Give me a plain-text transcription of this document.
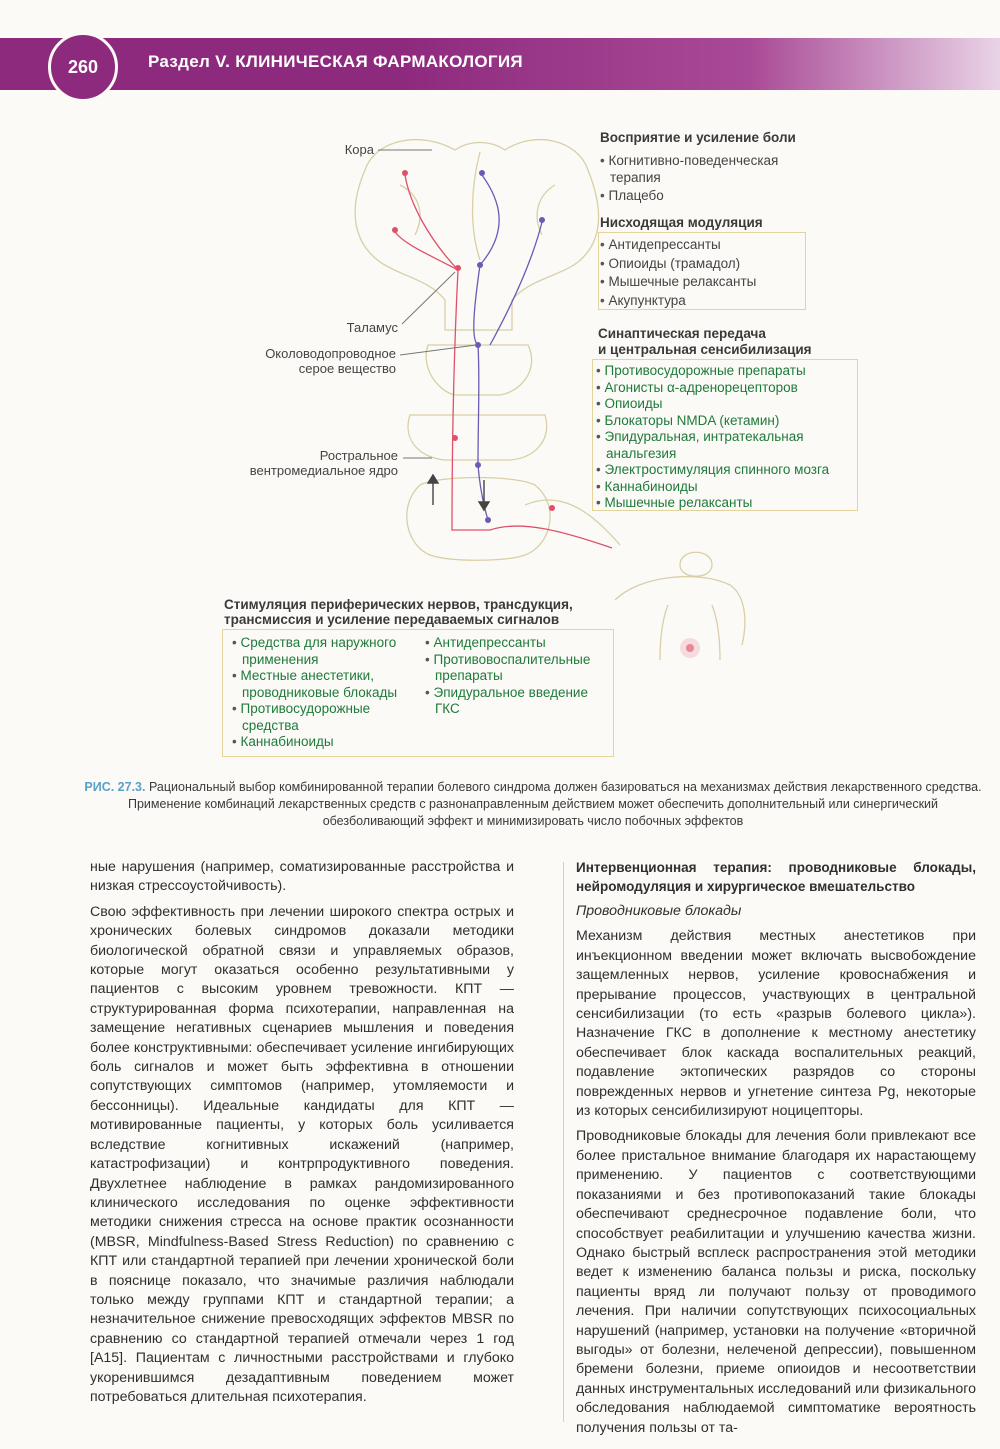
260	Раздел V. КЛИНИЧЕСКАЯ ФАРМАКОЛОГИЯ
Кора
Таламус
Околоводопроводное
серое вещество
Ростральное
вентромедиальное ядро
Восприятие и усиление боли
• Когнитивно-поведенческая терапия
• Плацебо
Нисходящая модуляция
• Антидепрессанты
• Опиоиды (трамадол)
• Мышечные релаксанты
• Акупунктура
Синаптическая передача
и центральная сенсибилизация
• Противосудорожные препараты
• Агонисты α-адренорецепторов
• Опиоиды
• Блокаторы NMDA (кетамин)
• Эпидуральная, интратекальная анальгезия
• Электростимуляция спинного мозга
• Каннабиноиды
• Мышечные релаксанты
Стимуляция периферических нервов, трансдукция,
трансмиссия и усиление передаваемых сигналов
• Средства для наружного применения
• Местные анестетики, проводниковые блокады
• Противосудорожные средства
• Каннабиноиды
• Антидепрессанты
• Противовоспалительные препараты
• Эпидуральное введение ГКС
РИС. 27.3. Рациональный выбор комбинированной терапии болевого синдрома должен базироваться на механизмах действия лекарственного средства. Применение комбинаций лекарственных средств с разнонаправленным действием может обеспечить дополнительный или синергический обезболивающий эффект и минимизировать число побочных эффектов

ные нарушения (например, соматизированные расстройства и низкая стрессоустойчивость).

Свою эффективность при лечении широкого спектра острых и хронических болевых синдромов доказали методики биологической обратной связи и управляемых образов, которые могут оказаться особенно результативными у пациентов с высоким уровнем тревожности. КПТ — структурированная форма психотерапии, направленная на замещение негативных сценариев мышления и поведения более конструктивными: обеспечивает усиление ингибирующих боль сигналов и может быть эффективна в отношении сопутствующих симптомов (например, утомляемости и бессонницы). Идеальные кандидаты для КПТ — мотивированные пациенты, у которых боль усиливается вследствие когнитивных искажений (например, катастрофизации) и контрпродуктивного поведения. Двухлетнее наблюдение в рамках рандомизированного клинического исследования по оценке эффективности методики снижения стресса на основе практик осознанности (MBSR, Mindfulness-Based Stress Reduction) по сравнению с КПТ или стандартной терапией при лечении хронической боли в пояснице показало, что значимые различия наблюдали только между группами КПТ и стандартной терапии; а незначительное снижение превосходящих эффектов MBSR по сравнению со стандартной терапией отмечали через 1 год [A15]. Пациентам с личностными расстройствами и глубоко укоренившимся дезадаптивным поведением может потребоваться длительная психотерапия.

Интервенционная терапия: проводниковые блокады, нейромодуляция и хирургическое вмешательство
Проводниковые блокады

Механизм действия местных анестетиков при инъекционном введении может включать высвобождение защемленных нервов, усиление кровоснабжения и прерывание процессов, участвующих в центральной сенсибилизации (то есть «разрыв болевого цикла»). Назначение ГКС в дополнение к местному анестетику обеспечивает блок каскада воспалительных реакций, подавление эктопических разрядов со стороны поврежденных нервов и угнетение синтеза Pg, некоторые из которых сенсибилизируют ноцицепторы.

Проводниковые блокады для лечения боли привлекают все более пристальное внимание благодаря их нарастающему применению. У пациентов с соответствующими показаниями и без противопоказаний такие блокады обеспечивают среднесрочное подавление боли, что способствует реабилитации и улучшению качества жизни. Однако быстрый всплеск распространения этой методики ведет к изменению баланса пользы и риска, поскольку пациенты вряд ли получают пользу от проводимого лечения. При наличии сопутствующих психосоциальных нарушений (например, установки на получение «вторичной выгоды» от болезни, нелеченой депрессии), повышенном бремени болезни, приеме опиоидов и несоответствии данных инструментальных исследований или физикального обследования наблюдаемой симптоматике вероятность получения пользы от та-
